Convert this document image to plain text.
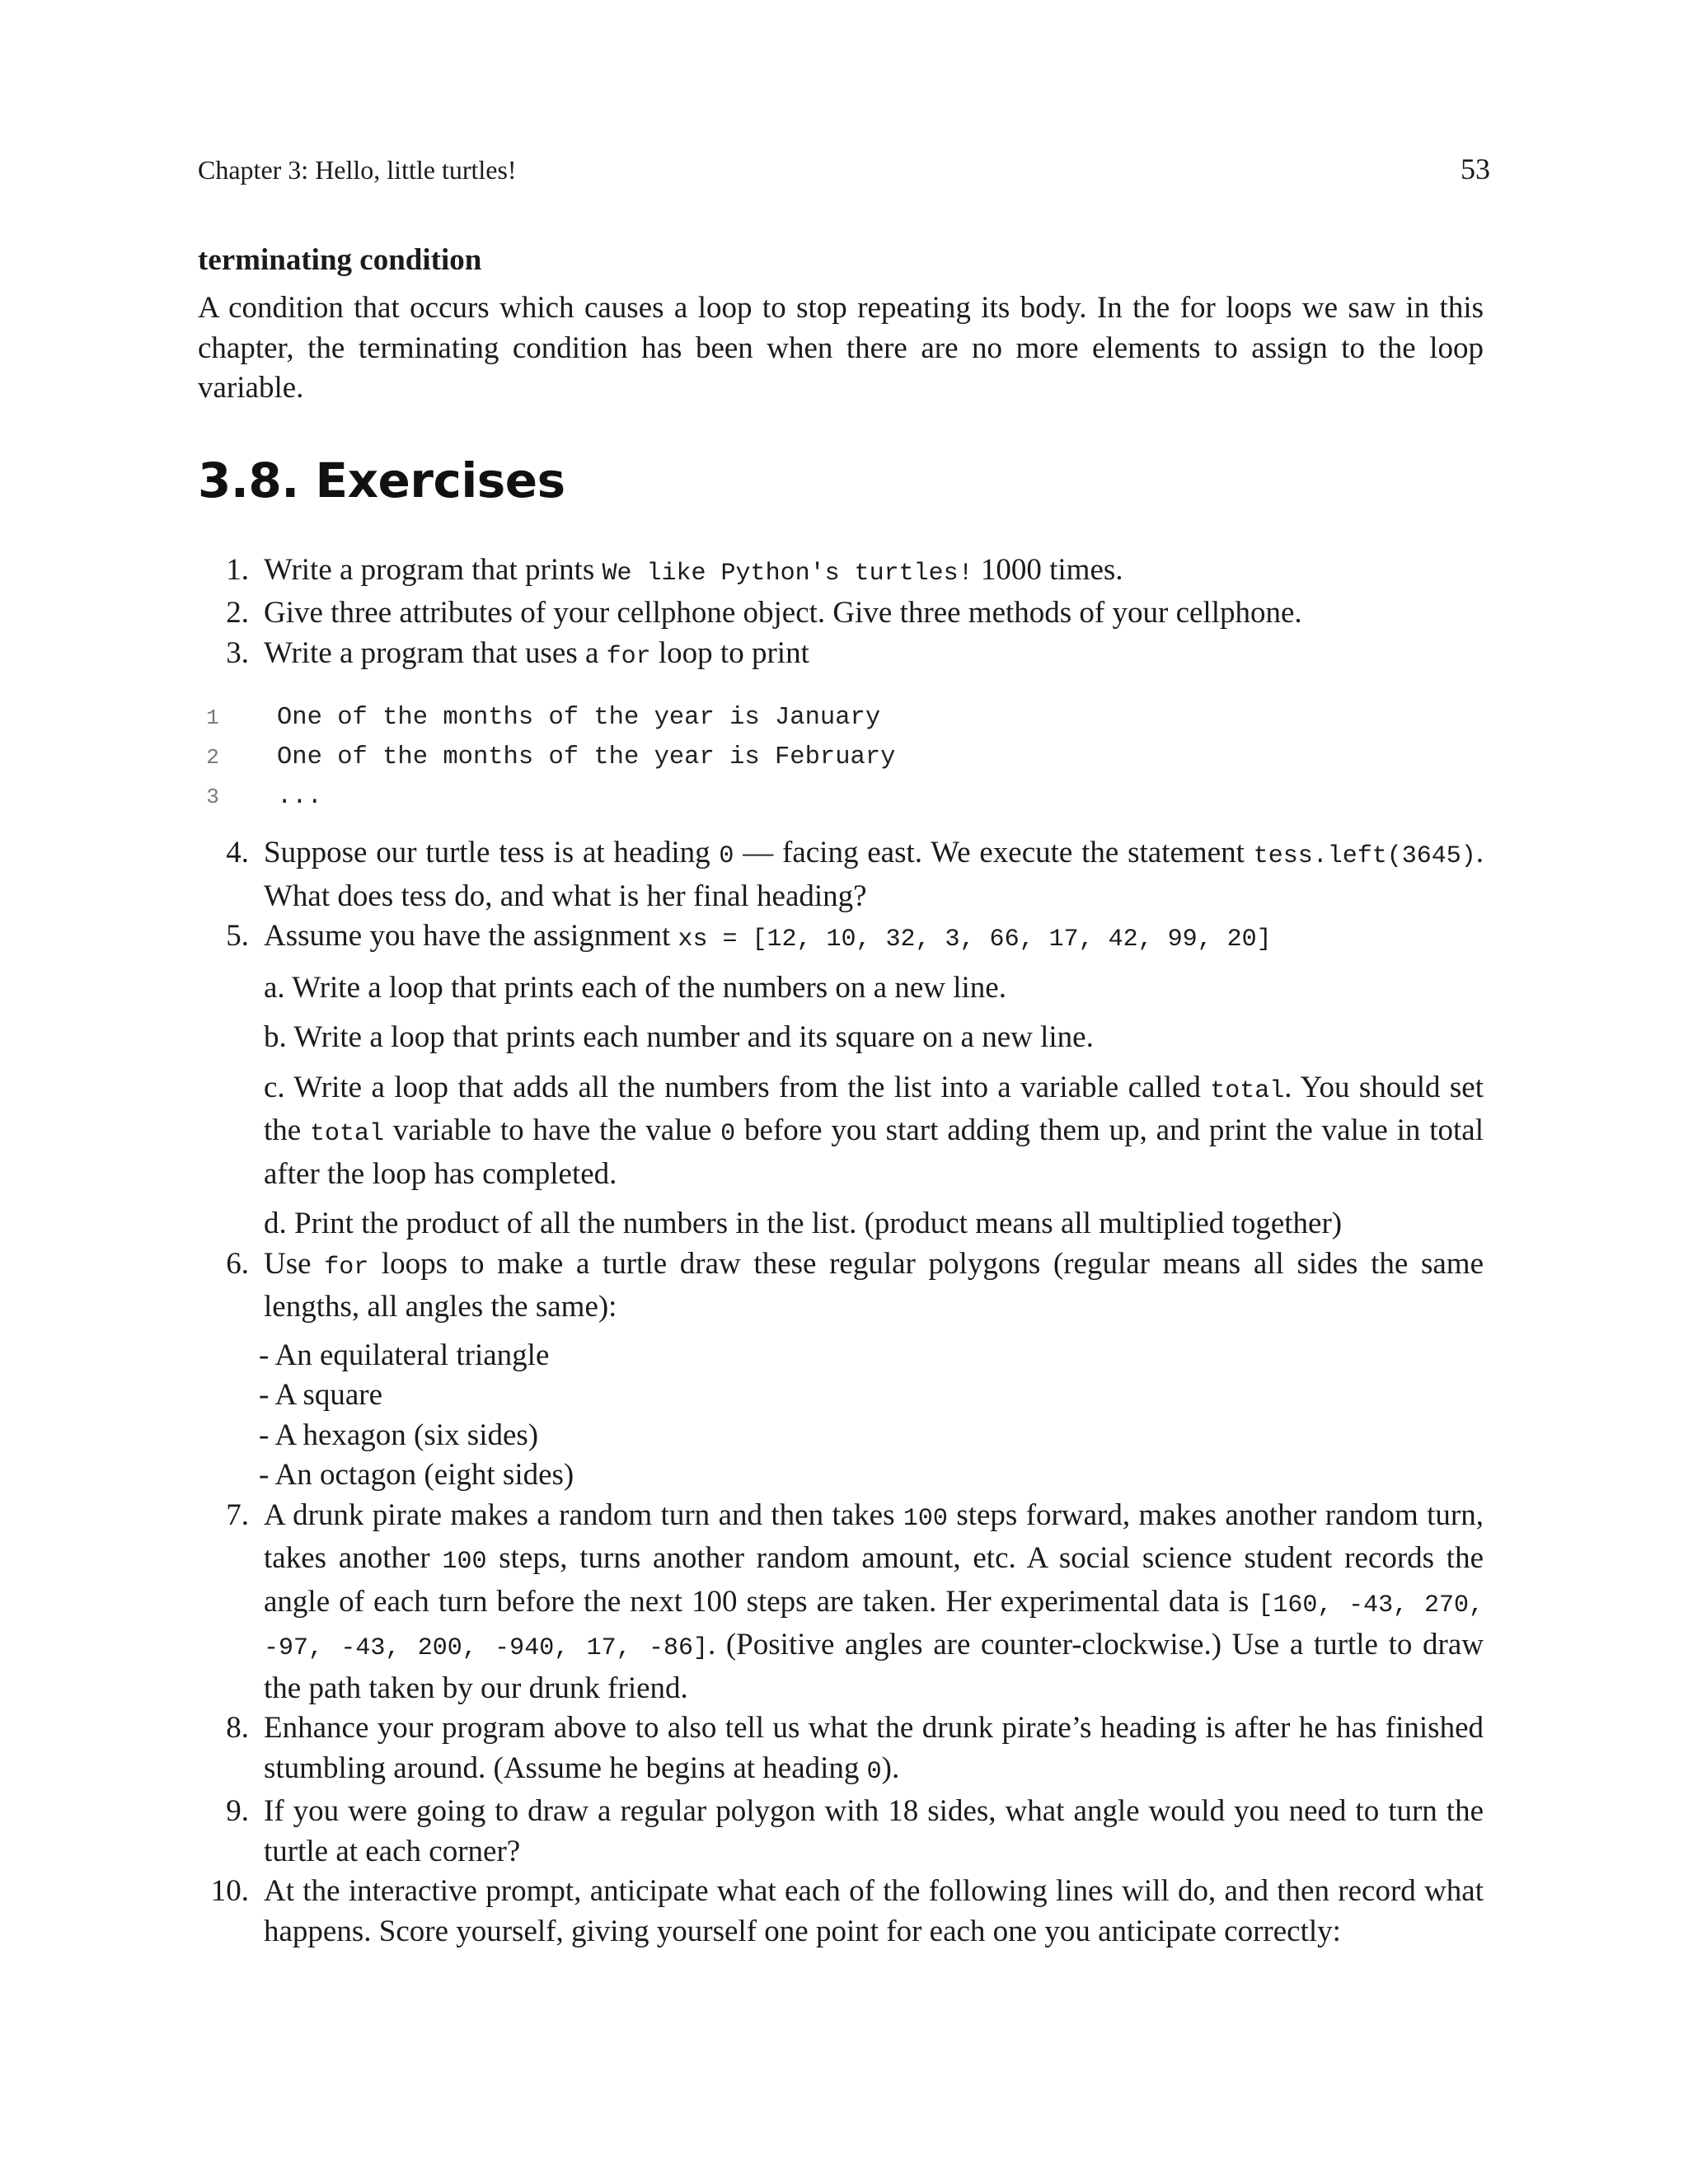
Chapter 3: Hello, little turtles!	53

terminating condition

A condition that occurs which causes a loop to stop repeating its body. In the for loops we saw in this chapter, the terminating condition has been when there are no more elements to assign to the loop variable.

3.8. Exercises
1. Write a program that prints We like Python's turtles! 1000 times.
2. Give three attributes of your cellphone object. Give three methods of your cellphone.
3. Write a program that uses a for loop to print
1	One of the months of the year is January
2	One of the months of the year is February
3	...
4. Suppose our turtle tess is at heading 0 — facing east. We execute the statement tess.left(3645). What does tess do, and what is her final heading?
5. Assume you have the assignment xs = [12, 10, 32, 3, 66, 17, 42, 99, 20]

a. Write a loop that prints each of the numbers on a new line.

b. Write a loop that prints each number and its square on a new line.

c. Write a loop that adds all the numbers from the list into a variable called total. You should set the total variable to have the value 0 before you start adding them up, and print the value in total after the loop has completed.

d. Print the product of all the numbers in the list. (product means all multiplied together)

6. Use for loops to make a turtle draw these regular polygons (regular means all sides the same lengths, all angles the same):
- An equilateral triangle
- A square
- A hexagon (six sides)
- An octagon (eight sides)
7. A drunk pirate makes a random turn and then takes 100 steps forward, makes another random turn, takes another 100 steps, turns another random amount, etc. A social science student records the angle of each turn before the next 100 steps are taken. Her experimental data is [160, -43, 270, -97, -43, 200, -940, 17, -86]. (Positive angles are counter-clockwise.) Use a turtle to draw the path taken by our drunk friend.
8. Enhance your program above to also tell us what the drunk pirate’s heading is after he has finished stumbling around. (Assume he begins at heading 0).
9. If you were going to draw a regular polygon with 18 sides, what angle would you need to turn the turtle at each corner?
10. At the interactive prompt, anticipate what each of the following lines will do, and then record what happens. Score yourself, giving yourself one point for each one you anticipate correctly:
